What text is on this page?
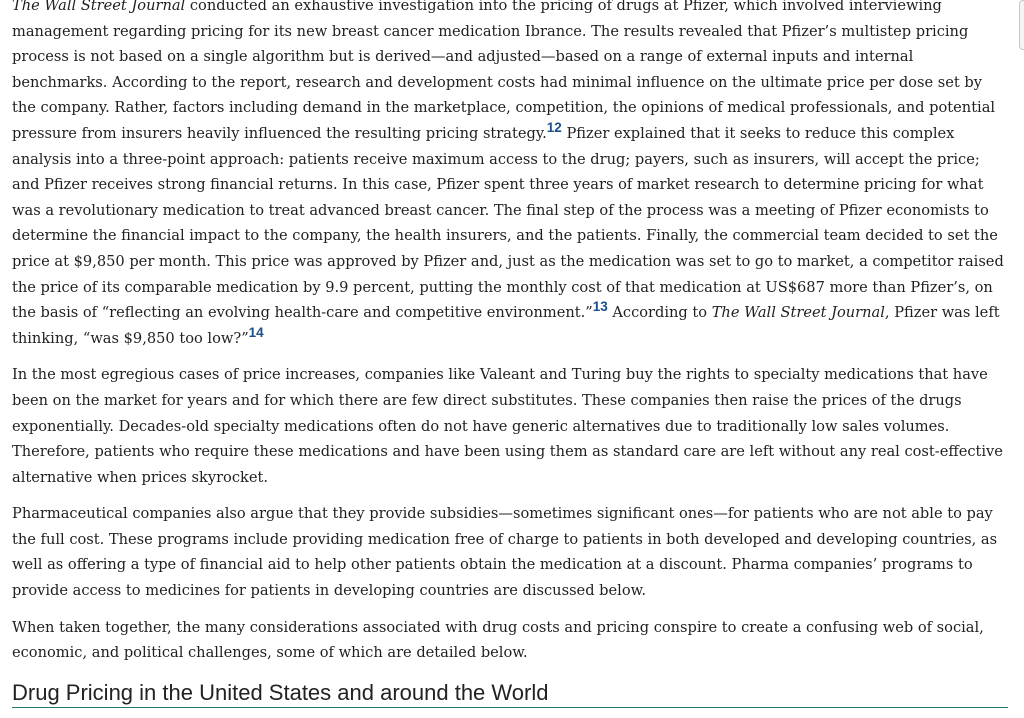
The Wall Street Journal conducted an exhaustive investigation into the pricing of drugs at Pfizer, which involved interviewing management regarding pricing for its new breast cancer medication Ibrance. The results revealed that Pfizer’s multistep pricing process is not based on a single algorithm but is derived—and adjusted—based on a range of external inputs and internal benchmarks. According to the report, research and development costs had minimal influence on the ultimate price per dose set by the company. Rather, factors including demand in the marketplace, competition, the opinions of medical professionals, and potential pressure from insurers heavily influenced the resulting pricing strategy.$^{12}$ Pfizer explained that it seeks to reduce this complex analysis into a three-point approach: patients receive maximum access to the drug; payers, such as insurers, will accept the price; and Pfizer receives strong financial returns. In this case, Pfizer spent three years of market research to determine pricing for what was a revolutionary medication to treat advanced breast cancer. The final step of the process was a meeting of Pfizer economists to determine the financial impact to the company, the health insurers, and the patients. Finally, the commercial team decided to set the price at $9,850 per month. This price was approved by Pfizer and, just as the medication was set to go to market, a competitor raised the price of its comparable medication by 9.9 percent, putting the monthly cost of that medication at US$687 more than Pfizer’s, on the basis of “reflecting an evolving health-care and competitive environment.”$^{13}$ According to The Wall Street Journal, Pfizer was left thinking, “was $9,850 too low?”$^{14}$

In the most egregious cases of price increases, companies like Valeant and Turing buy the rights to specialty medications that have been on the market for years and for which there are few direct substitutes. These companies then raise the prices of the drugs exponentially. Decades-old specialty medications often do not have generic alternatives due to traditionally low sales volumes. Therefore, patients who require these medications and have been using them as standard care are left without any real cost-effective alternative when prices skyrocket.

Pharmaceutical companies also argue that they provide subsidies—sometimes significant ones—for patients who are not able to pay the full cost. These programs include providing medication free of charge to patients in both developed and developing countries, as well as offering a type of financial aid to help other patients obtain the medication at a discount. Pharma companies’ programs to provide access to medicines for patients in developing countries are discussed below.

When taken together, the many considerations associated with drug costs and pricing conspire to create a confusing web of social, economic, and political challenges, some of which are detailed below.

Drug Pricing in the United States and around the World
